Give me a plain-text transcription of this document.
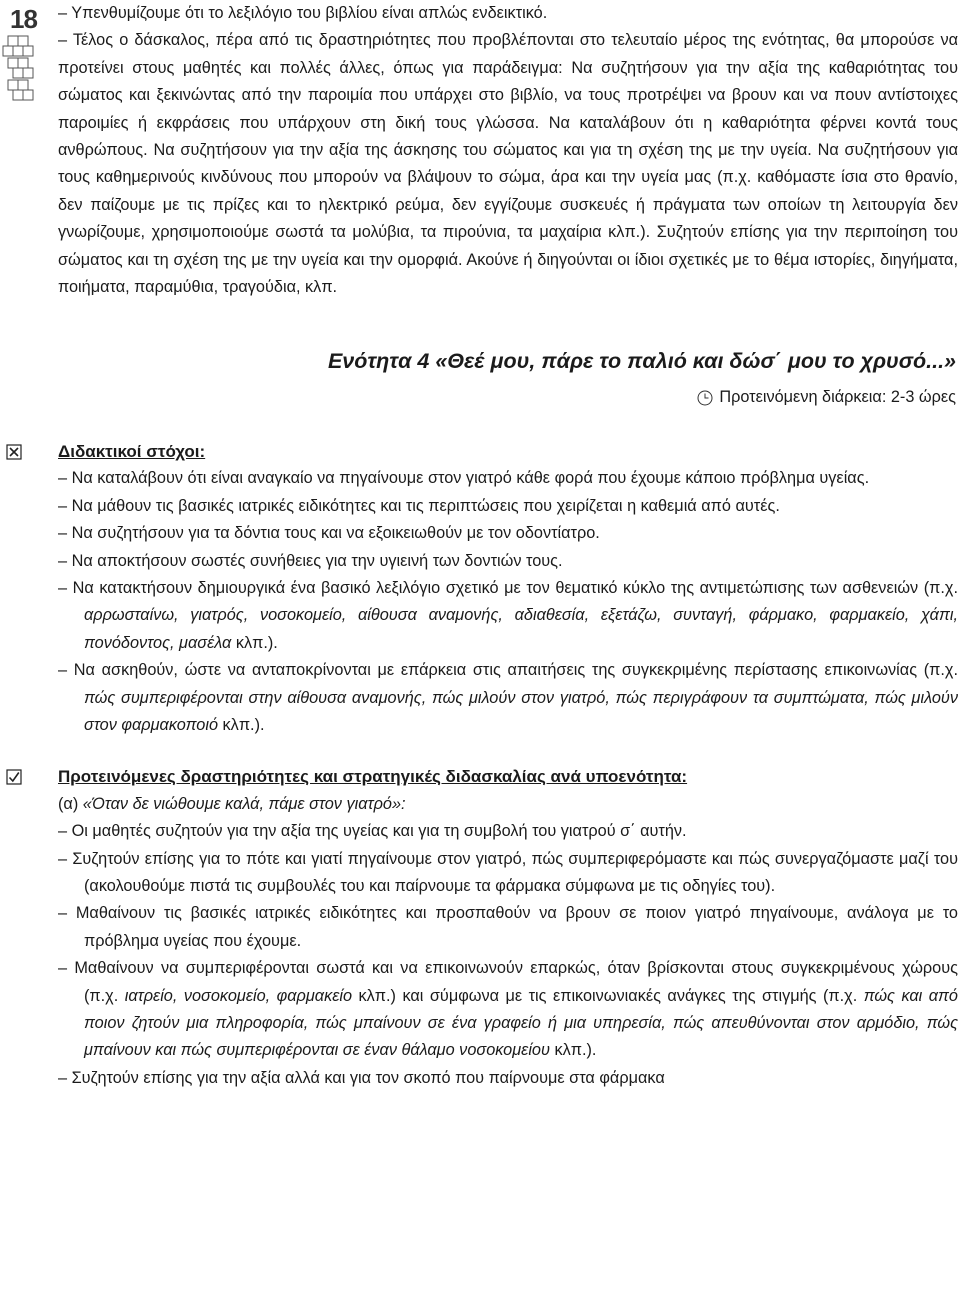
18 – Υπενθυμίζουμε ότι το λεξιλόγιο του βιβλίου είναι απλώς ενδεικτικό.
– Τέλος ο δάσκαλος, πέρα από τις δραστηριότητες που προβλέπονται στο τελευταίο μέρος της ενότητας, θα μπορούσε να προτείνει στους μαθητές και πολλές άλλες, όπως για παράδειγμα: Να συζητήσουν για την αξία της καθαριότητας του σώματος και ξεκινώντας από την παροιμία που υπάρχει στο βιβλίο, να τους προτρέψει να βρουν και να πουν αντίστοιχες παροιμίες ή εκφράσεις που υπάρχουν στη δική τους γλώσσα. Να καταλάβουν ότι η καθαριότητα φέρνει κοντά τους ανθρώπους. Να συζητήσουν για την αξία της άσκησης του σώματος και για τη σχέση της με την υγεία. Να συζητήσουν για τους καθημερινούς κινδύνους που μπορούν να βλάψουν το σώμα, άρα και την υγεία μας (π.χ. καθόμαστε ίσια στο θρανίο, δεν παίζουμε με τις πρίζες και το ηλεκτρικό ρεύμα, δεν εγγίζουμε συσκευές ή πράγματα των οποίων τη λειτουργία δεν γνωρίζουμε, χρησιμοποιούμε σωστά τα μολύβια, τα πιρούνια, τα μαχαίρια κλπ.). Συζητούν επίσης για την περιποίηση του σώματος και τη σχέση της με την υγεία και την ομορφιά. Ακούνε ή διηγούνται οι ίδιοι σχετικές με το θέμα ιστορίες, διηγήματα, ποιήματα, παραμύθια, τραγούδια, κλπ.
Ενότητα 4 «Θεέ μου, πάρε το παλιό και δώσ΄ μου το χρυσό...»
Προτεινόμενη διάρκεια: 2-3 ώρες
Διδακτικοί στόχοι:
– Να καταλάβουν ότι είναι αναγκαίο να πηγαίνουμε στον γιατρό κάθε φορά που έχουμε κάποιο πρόβλημα υγείας.
– Να μάθουν τις βασικές ιατρικές ειδικότητες και τις περιπτώσεις που χειρίζεται η καθεμιά από αυτές.
– Να συζητήσουν για τα δόντια τους και να εξοικειωθούν με τον οδοντίατρο.
– Να αποκτήσουν σωστές συνήθειες για την υγιεινή των δοντιών τους.
– Να κατακτήσουν δημιουργικά ένα βασικό λεξιλόγιο σχετικό με τον θεματικό κύκλο της αντιμετώπισης των ασθενειών (π.χ. αρρωσταίνω, γιατρός, νοσοκομείο, αίθουσα αναμονής, αδιαθεσία, εξετάζω, συνταγή, φάρμακο, φαρμακείο, χάπι, πονόδοντος, μασέλα κλπ.).
– Να ασκηθούν, ώστε να ανταποκρίνονται με επάρκεια στις απαιτήσεις της συγκεκριμένης περίστασης επικοινωνίας (π.χ. πώς συμπεριφέρονται στην αίθουσα αναμονής, πώς μιλούν στον γιατρό, πώς περιγράφουν τα συμπτώματα, πώς μιλούν στον φαρμακοποιό κλπ.).
Προτεινόμενες δραστηριότητες και στρατηγικές διδασκαλίας ανά υποενότητα:
(α) «Όταν δε νιώθουμε καλά, πάμε στον γιατρό»:
– Οι μαθητές συζητούν για την αξία της υγείας και για τη συμβολή του γιατρού σ΄ αυτήν.
– Συζητούν επίσης για το πότε και γιατί πηγαίνουμε στον γιατρό, πώς συμπεριφερόμαστε και πώς συνεργαζόμαστε μαζί του (ακολουθούμε πιστά τις συμβουλές του και παίρνουμε τα φάρμακα σύμφωνα με τις οδηγίες του).
– Μαθαίνουν τις βασικές ιατρικές ειδικότητες και προσπαθούν να βρουν σε ποιον γιατρό πηγαίνουμε, ανάλογα με το πρόβλημα υγείας που έχουμε.
– Μαθαίνουν να συμπεριφέρονται σωστά και να επικοινωνούν επαρκώς, όταν βρίσκονται στους συγκεκριμένους χώρους (π.χ. ιατρείο, νοσοκομείο, φαρμακείο κλπ.) και σύμφωνα με τις επικοινωνιακές ανάγκες της στιγμής (π.χ. πώς και από ποιον ζητούν μια πληροφορία, πώς μπαίνουν σε ένα γραφείο ή μια υπηρεσία, πώς απευθύνονται στον αρμόδιο, πώς μπαίνουν και πώς συμπεριφέρονται σε έναν θάλαμο νοσοκομείου κλπ.).
– Συζητούν επίσης για την αξία αλλά και για τον σκοπό που παίρνουμε στα φάρμακα
